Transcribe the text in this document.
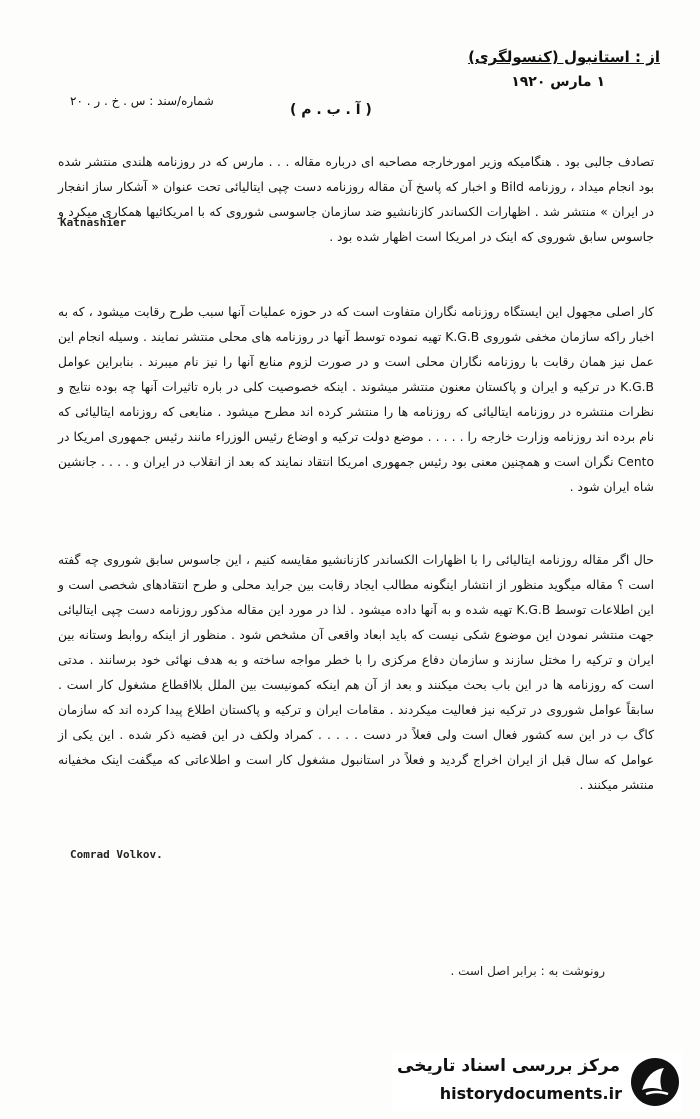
از : استانبول (کنسولگری)
۱ مارس ۱۹۲۰
شماره/سند : س . خ . ر . ۲۰
( آ . ب . م )
تصادف جالبی بود . هنگامیکه وزیر امورخارجه مصاحبه ای درباره مقاله . . . مارس که در روزنامه هلندی منتشر شده بود انجام میداد ، روزنامه Bild و اخبار که پاسخ آن مقاله روزنامه دست چپی ایتالیائی تحت عنوان « آشکار ساز انفجار در ایران » منتشر شد . اظهارات الکساندر کازنانشیو ضد سازمان جاسوسی شوروی که با امریکائیها همکاری میکرد و جاسوس سابق شوروی که اینک در امریکا است اظهار شده بود .
Katnashier
کار اصلی مجهول این ایستگاه روزنامه نگاران متفاوت است که در حوزه عملیات آنها سبب طرح رقابت میشود ، که به اخبار راکه سازمان مخفی شوروی K.G.B تهیه نموده توسط آنها در روزنامه های محلی منتشر نمایند . وسیله انجام این عمل نیز همان رقابت با روزنامه نگاران محلی است و در صورت لزوم منابع آنها را نیز نام میبرند . بنابراین عوامل K.G.B در ترکیه و ایران و پاکستان معنون منتشر میشوند . اینکه خصوصیت کلی در باره تاثیرات آنها چه بوده نتایج و نظرات منتشره در روزنامه ایتالیائی که روزنامه ها را منتشر کرده اند مطرح میشود . منابعی که روزنامه ایتالیائی که نام برده اند روزنامه وزارت خارجه را . . . . . موضع دولت ترکیه و اوضاع رئیس الوزراء مانند رئیس جمهوری امریکا در Cento نگران است و همچنین معنی بود رئیس جمهوری امریکا انتقاد نمایند که بعد از انقلاب در ایران و . . . . جانشین شاه ایران شود .
حال اگر مقاله روزنامه ایتالیائی را با اظهارات الکساندر کازنانشیو مقایسه کنیم ، این جاسوس سابق شوروی چه گفته است ؟ مقاله میگوید منظور از انتشار اینگونه مطالب ایجاد رقابت بین جراید محلی و طرح انتقادهای شخصی است و این اطلاعات توسط K.G.B تهیه شده و به آنها داده میشود . لذا در مورد این مقاله مذکور روزنامه دست چپی ایتالیائی جهت منتشر نمودن این موضوع شکی نیست که باید ابعاد واقعی آن مشخص شود . منظور از اینکه روابط وستانه بین ایران و ترکیه را مختل سازند و سازمان دفاع مرکزی را با خطر مواجه ساخته و به هدف نهائی خود برسانند . مدتی است که روزنامه ها در این باب بحث میکنند و بعد از آن هم اینکه کمونیست بین الملل بلااقطاع مشغول کار است . سابقاً عوامل شوروی در ترکیه نیز فعالیت میکردند . مقامات ایران و ترکیه و پاکستان اطلاع پیدا کرده اند که سازمان کاگ ب در این سه کشور فعال است ولی فعلاً در دست . . . . . کمراد ولکف در این قضیه ذکر شده . این یکی از عوامل که سال قبل از ایران اخراج گردید و فعلاً در استانبول مشغول کار است و اطلاعاتی که میگفت اینک مخفیانه منتشر میکنند .
Comrad Volkov.
رونوشت به : برابر اصل است .
مرکز بررسی اسناد تاریخی
historydocuments.ir
